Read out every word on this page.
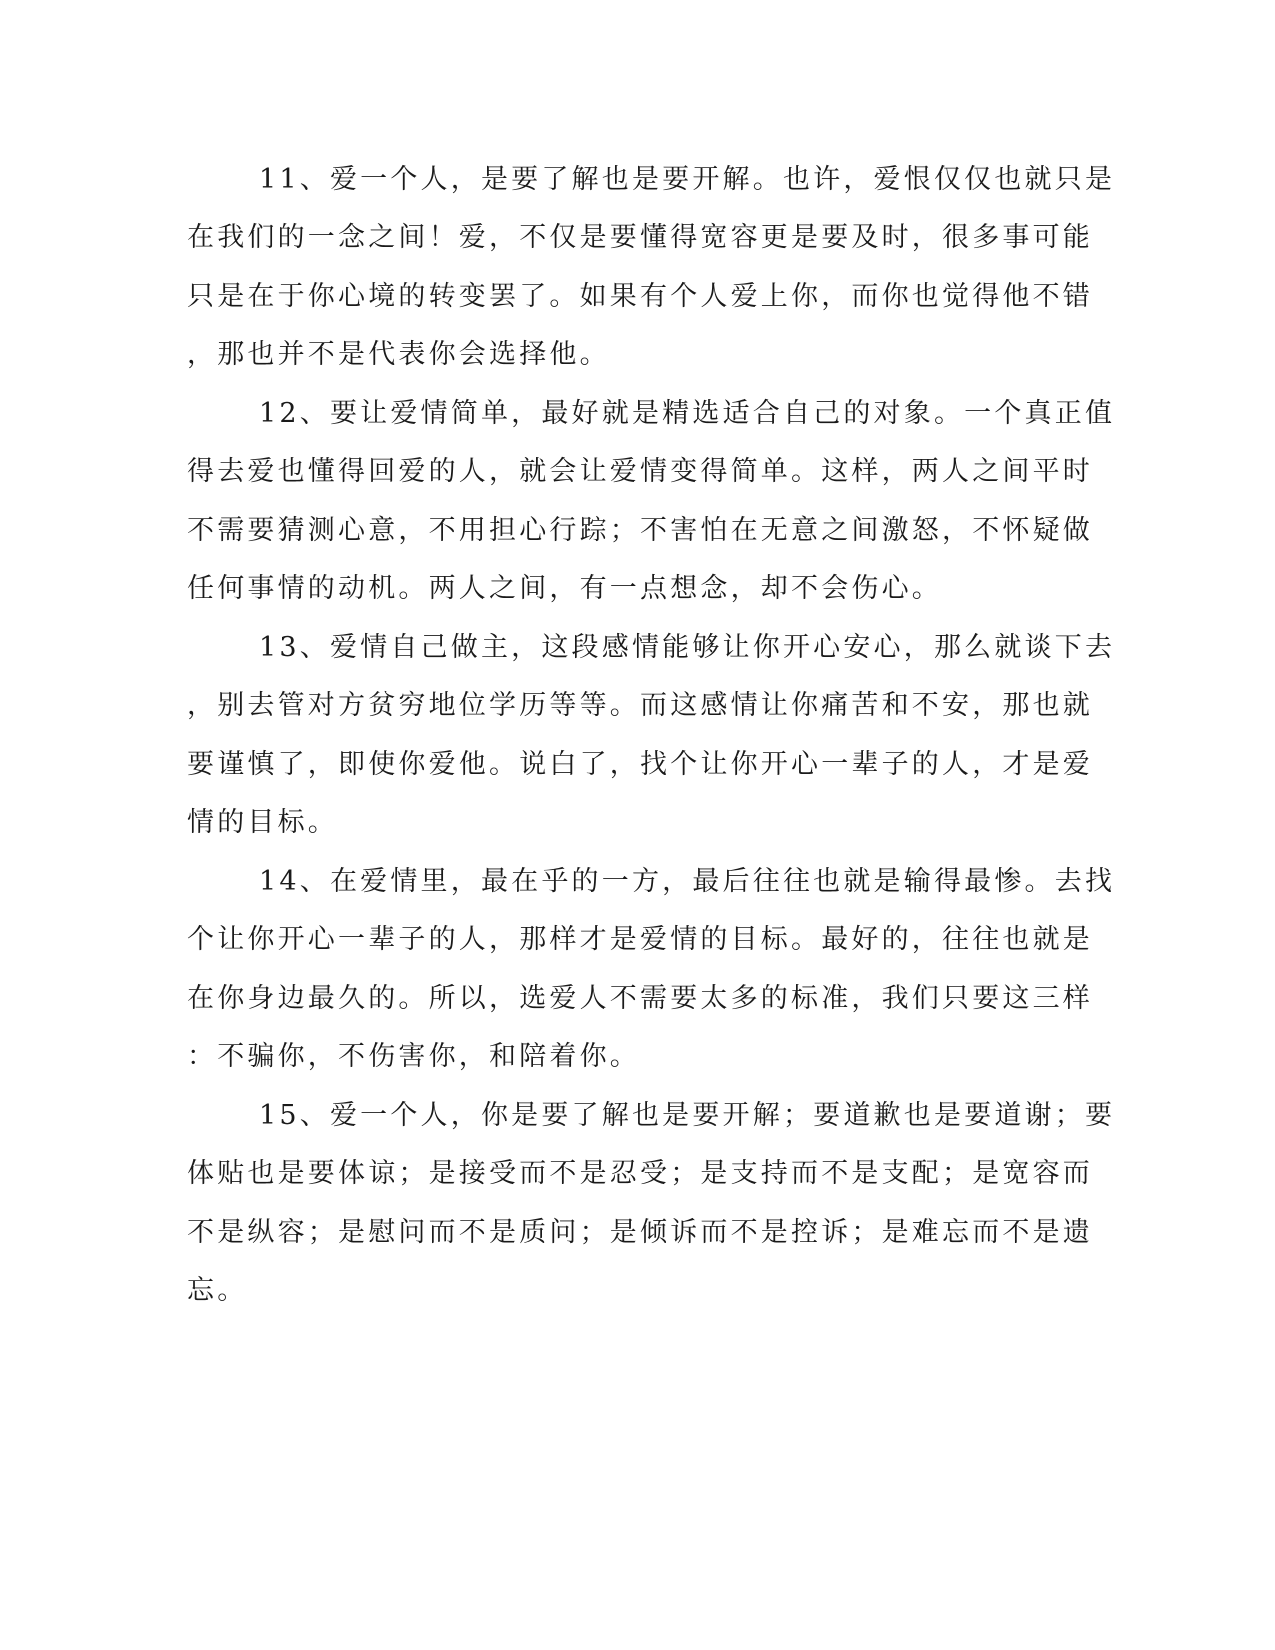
11、爱一个人，是要了解也是要开解。也许，爱恨仅仅也就只是
在我们的一念之间！爱，不仅是要懂得宽容更是要及时，很多事可能
只是在于你心境的转变罢了。如果有个人爱上你，而你也觉得他不错
，那也并不是代表你会选择他。
12、要让爱情简单，最好就是精选适合自己的对象。一个真正值
得去爱也懂得回爱的人，就会让爱情变得简单。这样，两人之间平时
不需要猜测心意，不用担心行踪；不害怕在无意之间激怒，不怀疑做
任何事情的动机。两人之间，有一点想念，却不会伤心。
13、爱情自己做主，这段感情能够让你开心安心，那么就谈下去
，别去管对方贫穷地位学历等等。而这感情让你痛苦和不安，那也就
要谨慎了，即使你爱他。说白了，找个让你开心一辈子的人，才是爱
情的目标。
14、在爱情里，最在乎的一方，最后往往也就是输得最惨。去找
个让你开心一辈子的人，那样才是爱情的目标。最好的，往往也就是
在你身边最久的。所以，选爱人不需要太多的标准，我们只要这三样
：不骗你，不伤害你，和陪着你。
15、爱一个人，你是要了解也是要开解；要道歉也是要道谢；要
体贴也是要体谅；是接受而不是忍受；是支持而不是支配；是宽容而
不是纵容；是慰问而不是质问；是倾诉而不是控诉；是难忘而不是遗
忘。
